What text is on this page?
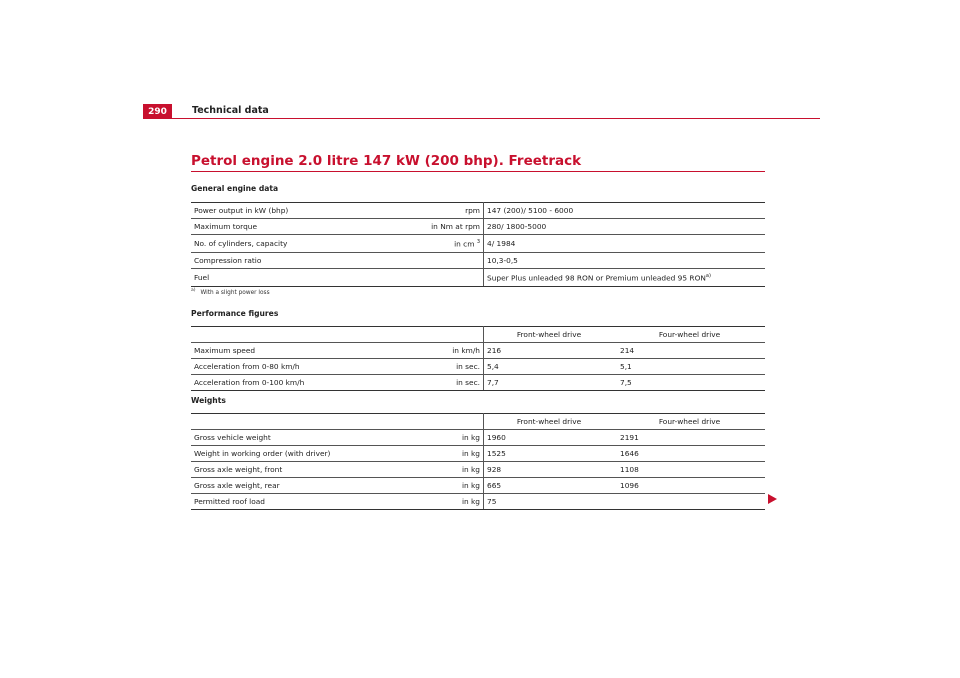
290	Technical data
Petrol engine 2.0 litre 147 kW (200 bhp). Freetrack
General engine data
Power output in kW (bhp)	rpm	147 (200)/ 5100 - 6000
Maximum torque	in Nm at rpm	280/ 1800-5000
No. of cylinders, capacity	in cm $^3$	4/ 1984
Compression ratio		10,3-0,5
Fuel		Super Plus unleaded 98 RON or Premium unleaded 95 RON$^{a)}$
$^{a)}$ With a slight power loss
Performance figures
		Front-wheel drive	Four-wheel drive
Maximum speed	in km/h	216	214
Acceleration from 0-80 km/h	in sec.	5,4	5,1
Acceleration from 0-100 km/h	in sec.	7,7	7,5
Weights
		Front-wheel drive	Four-wheel drive
Gross vehicle weight	in kg	1960	2191
Weight in working order (with driver)	in kg	1525	1646
Gross axle weight, front	in kg	928	1108
Gross axle weight, rear	in kg	665	1096
Permitted roof load	in kg	75	
